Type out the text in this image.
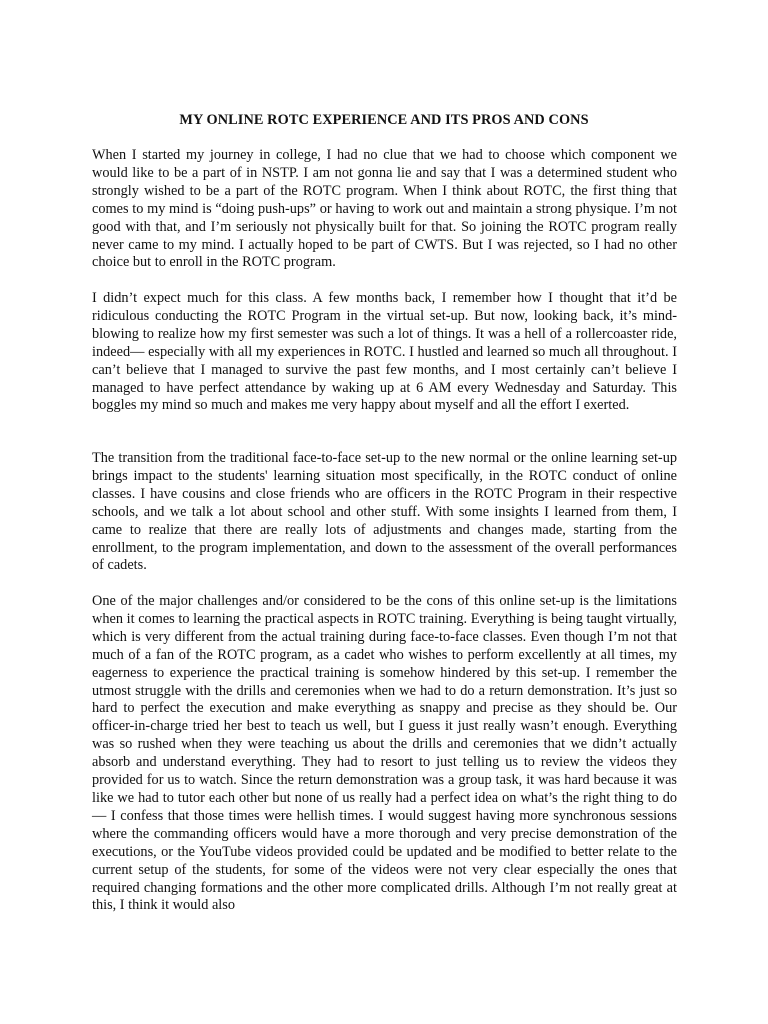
MY ONLINE ROTC EXPERIENCE AND ITS PROS AND CONS

When I started my journey in college, I had no clue that we had to choose which component we would like to be a part of in NSTP. I am not gonna lie and say that I was a determined student who strongly wished to be a part of the ROTC program. When I think about ROTC, the first thing that comes to my mind is “doing push-ups” or having to work out and maintain a strong physique. I’m not good with that, and I’m seriously not physically built for that. So joining the ROTC program really never came to my mind. I actually hoped to be part of CWTS. But I was rejected, so I had no other choice but to enroll in the ROTC program.

I didn’t expect much for this class. A few months back, I remember how I thought that it’d be ridiculous conducting the ROTC Program in the virtual set-up. But now, looking back, it’s mind-blowing to realize how my first semester was such a lot of things. It was a hell of a rollercoaster ride, indeed— especially with all my experiences in ROTC. I hustled and learned so much all throughout. I can’t believe that I managed to survive the past few months, and I most certainly can’t believe I managed to have perfect attendance by waking up at 6 AM every Wednesday and Saturday. This boggles my mind so much and makes me very happy about myself and all the effort I exerted.

The transition from the traditional face-to-face set-up to the new normal or the online learning set-up brings impact to the students' learning situation most specifically, in the ROTC conduct of online classes. I have cousins and close friends who are officers in the ROTC Program in their respective schools, and we talk a lot about school and other stuff. With some insights I learned from them, I came to realize that there are really lots of adjustments and changes made, starting from the enrollment, to the program implementation, and down to the assessment of the overall performances of cadets.

One of the major challenges and/or considered to be the cons of this online set-up is the limitations when it comes to learning the practical aspects in ROTC training. Everything is being taught virtually, which is very different from the actual training during face-to-face classes. Even though I’m not that much of a fan of the ROTC program, as a cadet who wishes to perform excellently at all times, my eagerness to experience the practical training is somehow hindered by this set-up. I remember the utmost struggle with the drills and ceremonies when we had to do a return demonstration. It’s just so hard to perfect the execution and make everything as snappy and precise as they should be. Our officer-in-charge tried her best to teach us well, but I guess it just really wasn’t enough. Everything was so rushed when they were teaching us about the drills and ceremonies that we didn’t actually absorb and understand everything. They had to resort to just telling us to review the videos they provided for us to watch. Since the return demonstration was a group task, it was hard because it was like we had to tutor each other but none of us really had a perfect idea on what’s the right thing to do — I confess that those times were hellish times. I would suggest having more synchronous sessions where the commanding officers would have a more thorough and very precise demonstration of the executions, or the YouTube videos provided could be updated and be modified to better relate to the current setup of the students, for some of the videos were not very clear especially the ones that required changing formations and the other more complicated drills. Although I’m not really great at this, I think it would also
